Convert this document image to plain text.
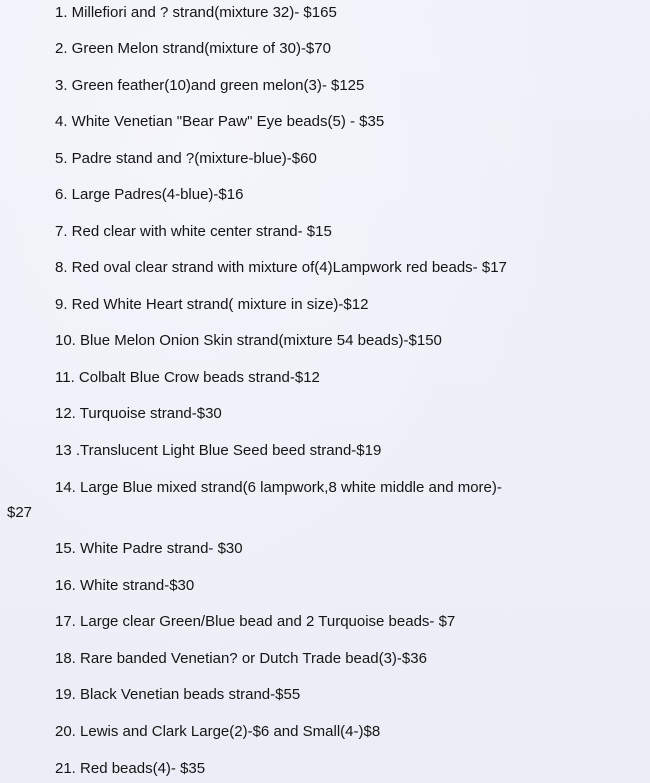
1. Millefiori and ? strand(mixture 32)- $165
2. Green Melon strand(mixture of 30)-$70
3. Green feather(10)and green melon(3)- $125
4. White Venetian "Bear Paw" Eye beads(5) - $35
5. Padre stand and ?(mixture-blue)-$60
6. Large Padres(4-blue)-$16
7. Red clear with white center strand- $15
8. Red oval clear strand with mixture of(4)Lampwork red beads- $17
9. Red White Heart strand( mixture in size)-$12
10. Blue Melon Onion Skin strand(mixture 54 beads)-$150
11. Colbalt Blue Crow beads strand-$12
12. Turquoise strand-$30
13 .Translucent Light Blue Seed beed strand-$19
14. Large Blue mixed strand(6 lampwork,8 white middle and more)-
$27
15. White Padre strand- $30
16. White strand-$30
17. Large clear Green/Blue bead and 2 Turquoise beads- $7
18. Rare banded Venetian? or Dutch Trade bead(3)-$36
19. Black Venetian beads strand-$55
20. Lewis and Clark Large(2)-$6 and Small(4-)$8
21. Red beads(4)- $35
